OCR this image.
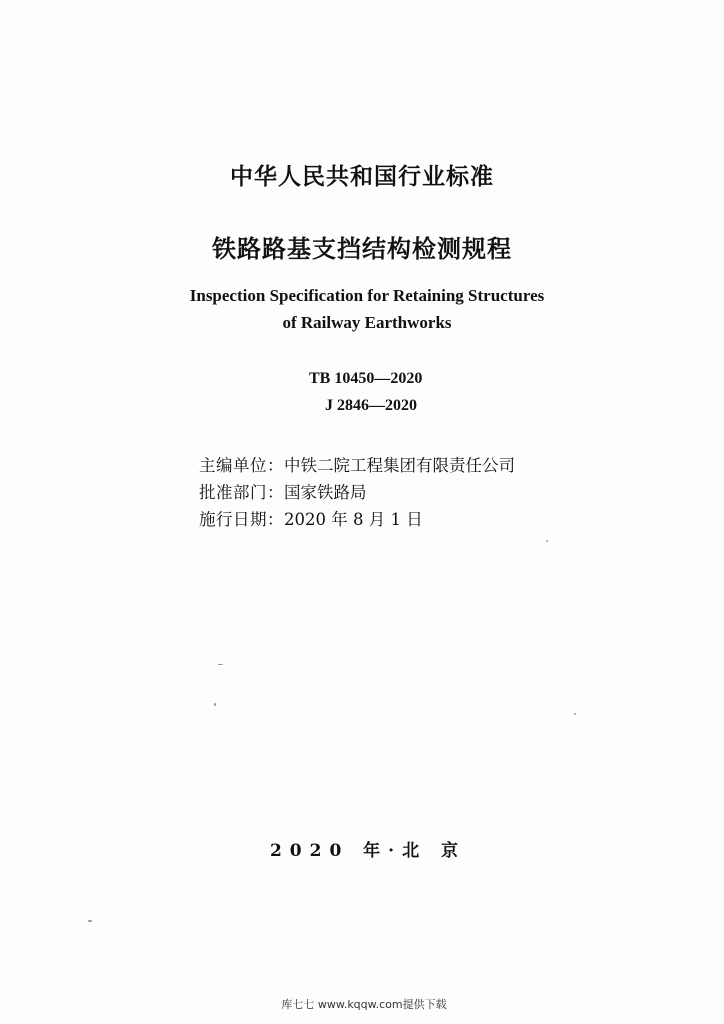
中华人民共和国行业标准
铁路路基支挡结构检测规程
Inspection Specification for Retaining Structures
of Railway Earthworks
TB 10450—2020
J 2846—2020
主编单位：中铁二院工程集团有限责任公司
批准部门：国家铁路局
施行日期：2020 年 8 月 1 日
2020 年·北 京
库七七 www.kqqw.com提供下载
